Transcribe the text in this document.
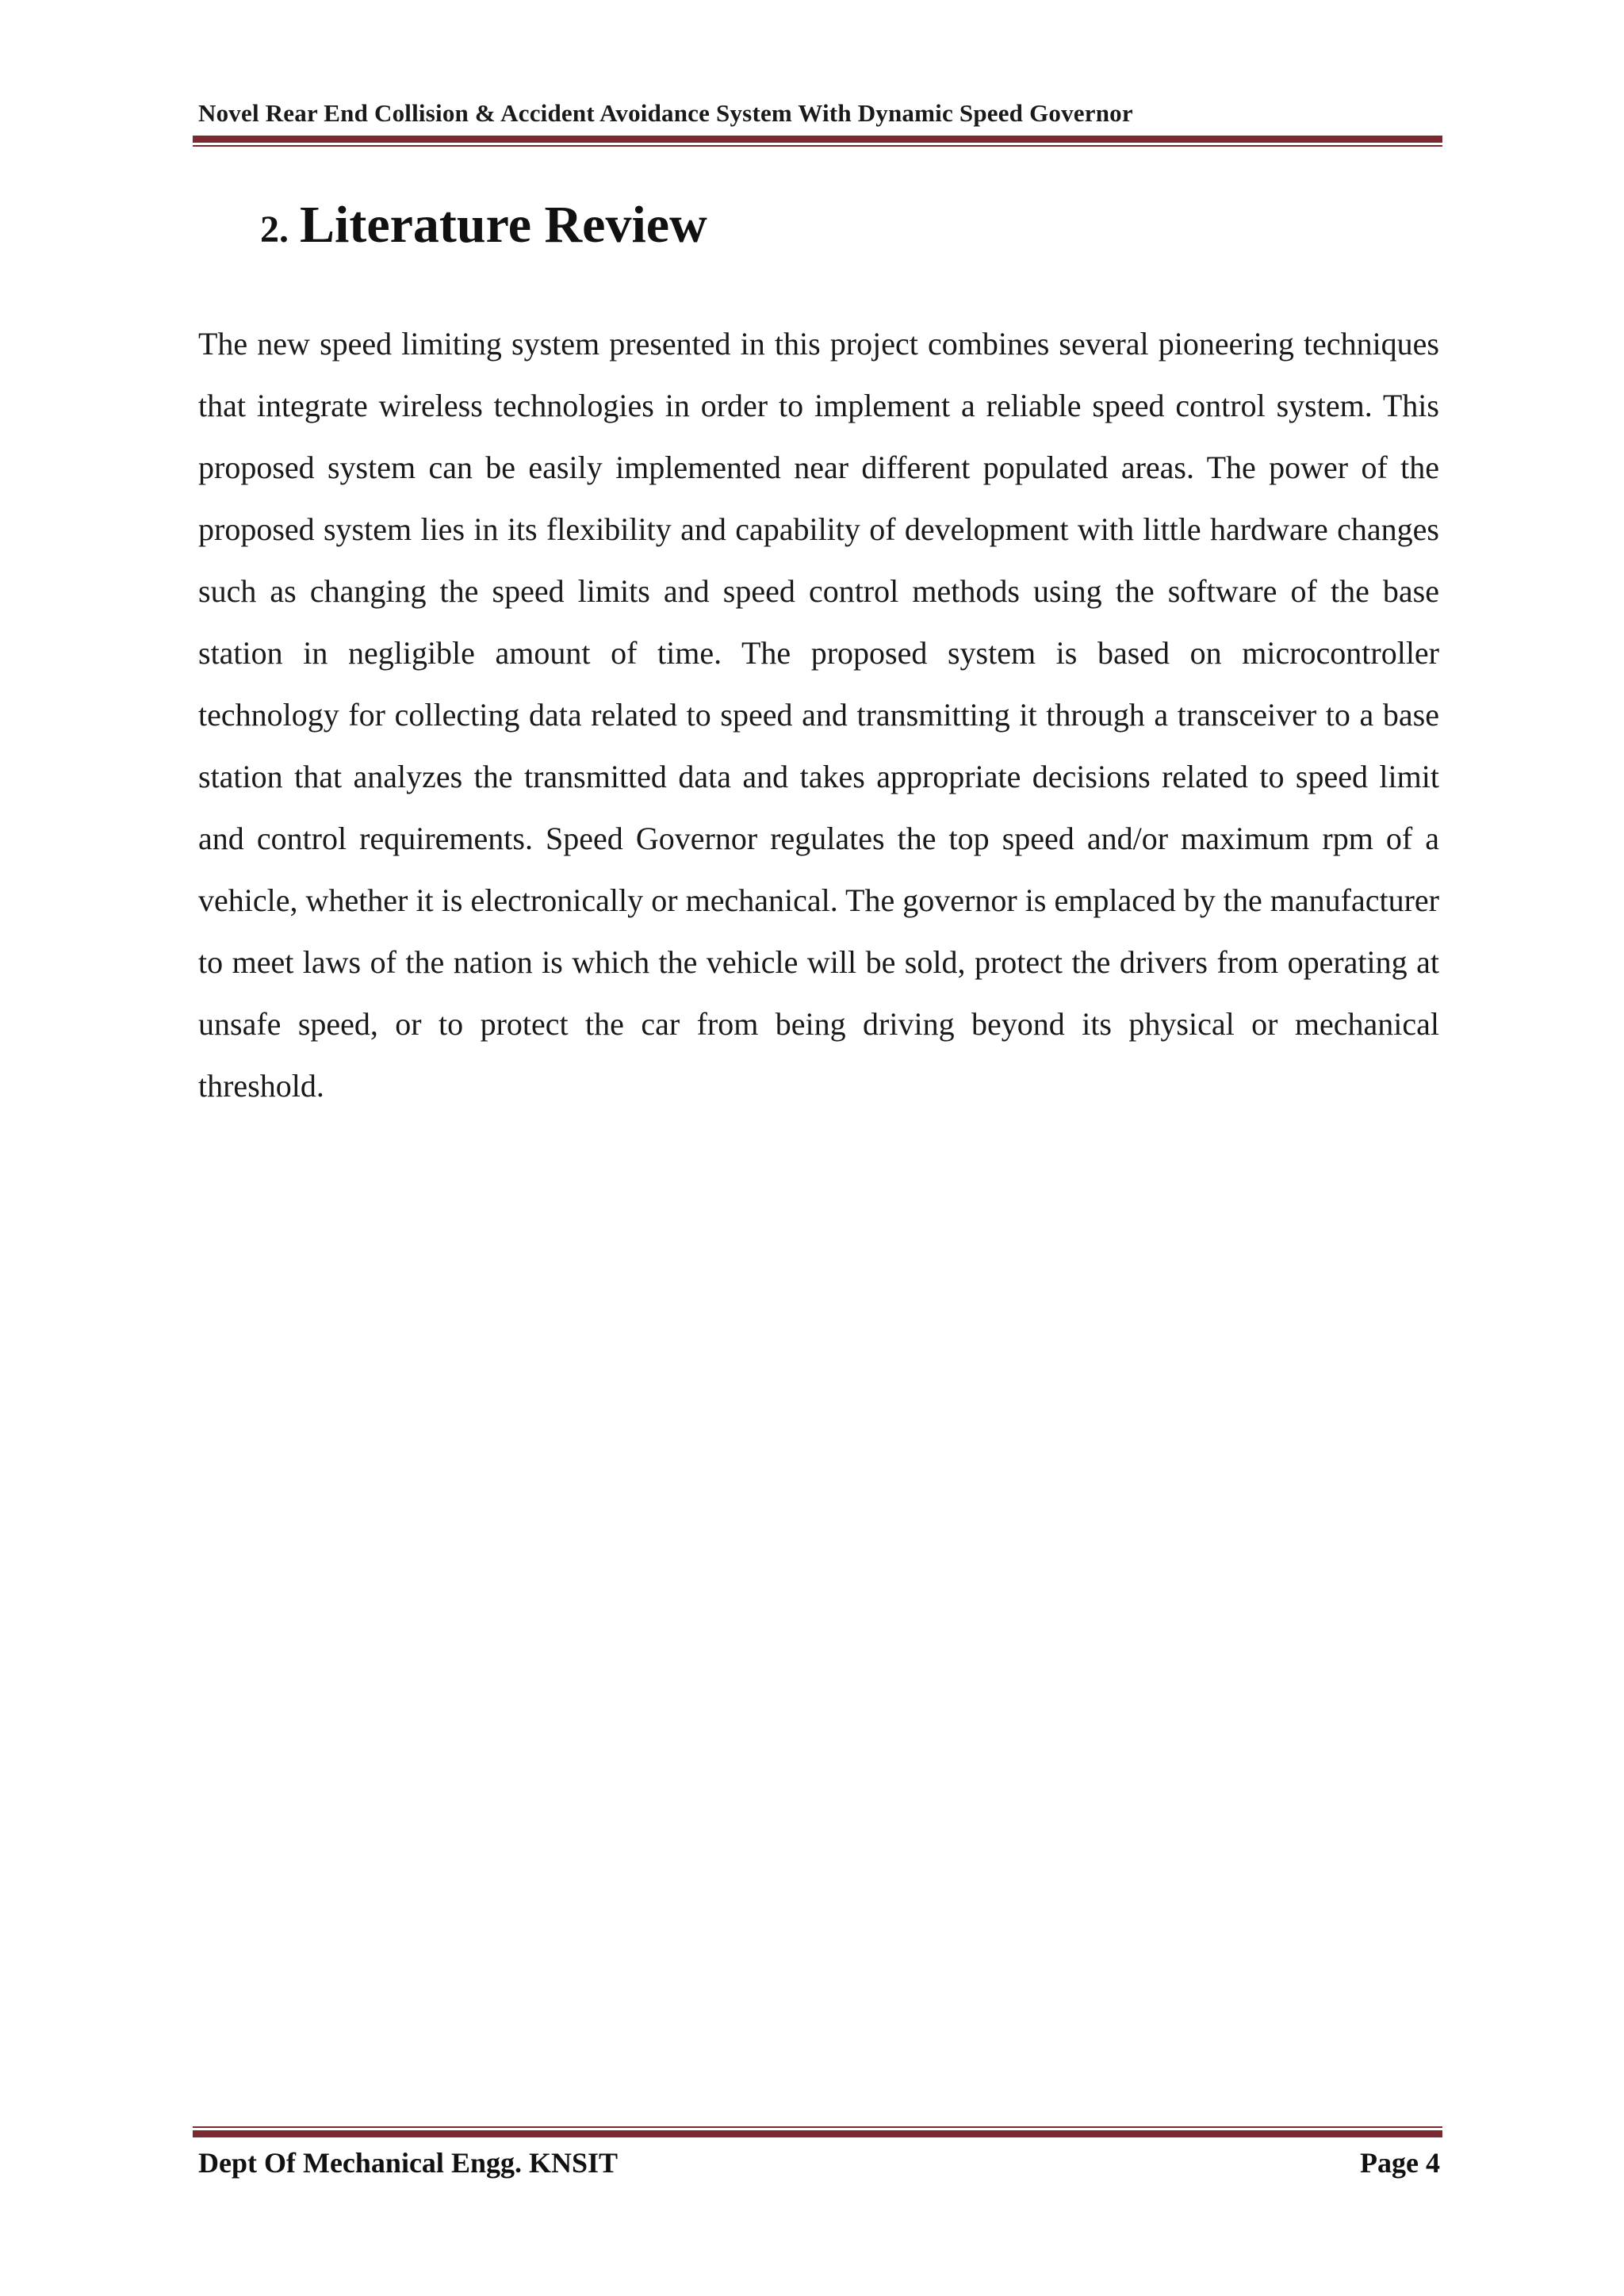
Novel Rear End Collision & Accident Avoidance System With Dynamic Speed Governor
2. Literature Review

The new speed limiting system presented in this project combines several pioneering techniques that integrate wireless technologies in order to implement a reliable speed control system. This proposed system can be easily implemented near different populated areas. The power of the proposed system lies in its flexibility and capability of development with little hardware changes such as changing the speed limits and speed control methods using the software of the base station in negligible amount of time. The proposed system is based on microcontroller technology for collecting data related to speed and transmitting it through a transceiver to a base station that analyzes the transmitted data and takes appropriate decisions related to speed limit and control requirements. Speed Governor regulates the top speed and/or maximum rpm of a vehicle, whether it is electronically or mechanical. The governor is emplaced by the manufacturer to meet laws of the nation is which the vehicle will be sold, protect the drivers from operating at unsafe speed, or to protect the car from being driving beyond its physical or mechanical threshold.

Dept Of Mechanical Engg. KNSIT	Page 4
